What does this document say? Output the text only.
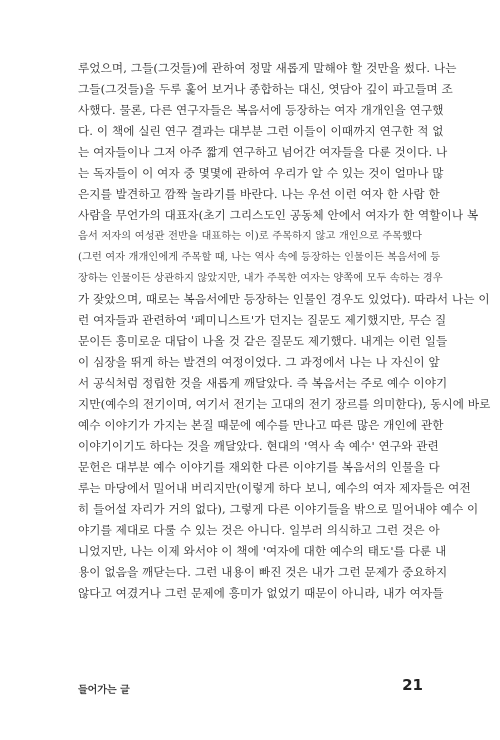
루었으며, 그들(그것들)에 관하여 정말 새롭게 말해야 할 것만을 썼다. 나는
그들(그것들)을 두루 훑어 보거나 종합하는 대신, 엿담아 깊이 파고들며 조
사했다. 물론, 다른 연구자들은 복음서에 등장하는 여자 개개인을 연구했
다. 이 책에 실린 연구 결과는 대부분 그런 이들이 이때까지 연구한 적 없
는 여자들이나 그저 아주 짧게 연구하고 넘어간 여자들을 다룬 것이다. 나
는 독자들이 이 여자 중 몇몇에 관하여 우리가 알 수 있는 것이 얼마나 많
은지를 발견하고 깜짝 놀라기를 바란다. 나는 우선 이런 여자 한 사람 한
사람을 무언가의 대표자(초기 그리스도인 공동체 안에서 여자가 한 역할이나 복
음서 저자의 여성관 전반을 대표하는 이)로 주목하지 않고 개인으로 주목했다
(그런 여자 개개인에게 주목할 때, 나는 역사 속에 등장하는 인물이든 복음서에 등
장하는 인물이든 상관하지 않았지만, 내가 주목한 여자는 양쪽에 모두 속하는 경우
가 잦았으며, 때로는 복음서에만 등장하는 인물인 경우도 있었다). 따라서 나는 이
런 여자들과 관련하여 '페미니스트'가 던지는 질문도 제기했지만, 무슨 질
문이든 흥미로운 대답이 나올 것 같은 질문도 제기했다. 내게는 이런 일들
이 심장을 뛰게 하는 발견의 여정이었다. 그 과정에서 나는 나 자신이 앞
서 공식처럼 정립한 것을 새롭게 깨달았다. 즉 복음서는 주로 예수 이야기
지만(예수의 전기이며, 여기서 전기는 고대의 전기 장르를 의미한다), 동시에 바로
예수 이야기가 가지는 본질 때문에 예수를 만나고 따른 많은 개인에 관한
이야기이기도 하다는 것을 깨달았다. 현대의 '역사 속 예수' 연구와 관련
문헌은 대부분 예수 이야기를 재외한 다른 이야기를 복음서의 인물을 다
루는 마당에서 밀어내 버리지만(이렇게 하다 보니, 예수의 여자 제자들은 여전
히 들어설 자리가 거의 없다), 그렇게 다른 이야기들을 밖으로 밀어내야 예수 이
야기를 제대로 다룰 수 있는 것은 아니다. 일부러 의식하고 그런 것은 아
니었지만, 나는 이제 와서야 이 책에 '여자에 대한 예수의 태도'를 다룬 내
용이 없음을 깨닫는다. 그런 내용이 빠진 것은 내가 그런 문제가 중요하지
않다고 여겼거나 그런 문제에 흥미가 없었기 때문이 아니라, 내가 여자들
들어가는 글	21
